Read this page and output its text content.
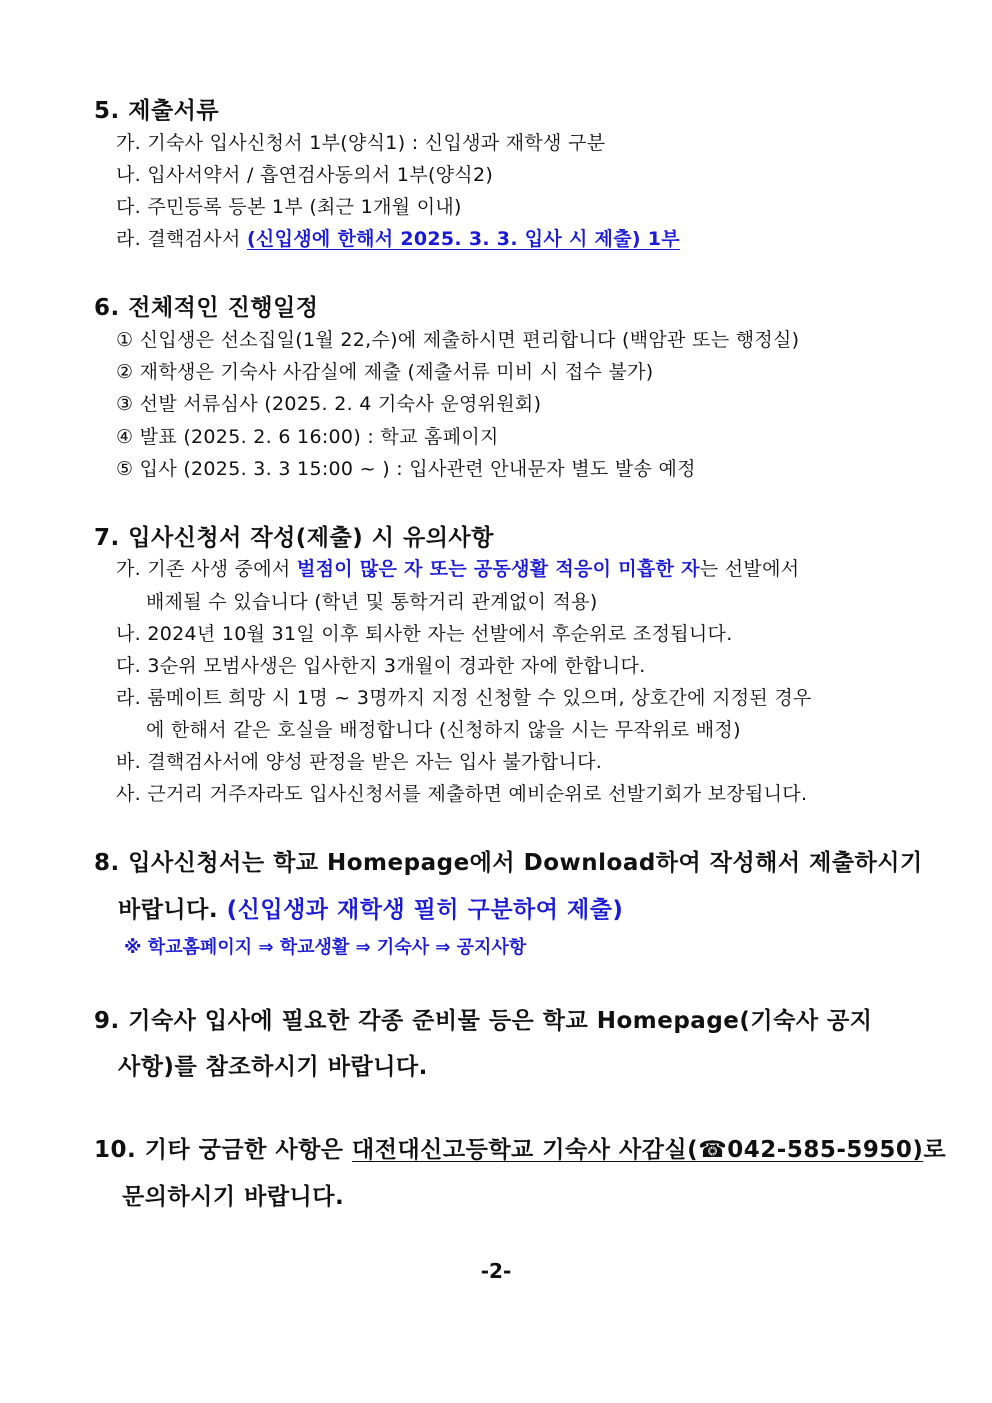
5. 제출서류
가. 기숙사 입사신청서 1부(양식1) : 신입생과 재학생 구분
나. 입사서약서 / 흡연검사동의서 1부(양식2)
다. 주민등록 등본 1부 (최근 1개월 이내)
라. 결핵검사서 (신입생에 한해서 2025. 3. 3. 입사 시 제출) 1부
6. 전체적인 진행일정
① 신입생은 선소집일(1월 22,수)에 제출하시면 편리합니다 (백암관 또는 행정실)
② 재학생은 기숙사 사감실에 제출 (제출서류 미비 시 접수 불가)
③ 선발 서류심사 (2025. 2. 4 기숙사 운영위원회)
④ 발표 (2025. 2. 6 16:00) : 학교 홈페이지
⑤ 입사 (2025. 3. 3 15:00 ~ ) : 입사관련 안내문자 별도 발송 예정
7. 입사신청서 작성(제출) 시 유의사항
가. 기존 사생 중에서 벌점이 많은 자 또는 공동생활 적응이 미흡한 자는 선발에서
배제될 수 있습니다 (학년 및 통학거리 관계없이 적용)
나. 2024년 10월 31일 이후 퇴사한 자는 선발에서 후순위로 조정됩니다.
다. 3순위 모범사생은 입사한지 3개월이 경과한 자에 한합니다.
라. 룸메이트 희망 시 1명 ~ 3명까지 지정 신청할 수 있으며, 상호간에 지정된 경우
에 한해서 같은 호실을 배정합니다 (신청하지 않을 시는 무작위로 배정)
바. 결핵검사서에 양성 판정을 받은 자는 입사 불가합니다.
사. 근거리 거주자라도 입사신청서를 제출하면 예비순위로 선발기회가 보장됩니다.
8. 입사신청서는 학교 Homepage에서 Download하여 작성해서 제출하시기
바랍니다. (신입생과 재학생 필히 구분하여 제출)
※ 학교홈페이지 ⇒ 학교생활 ⇒ 기숙사 ⇒ 공지사항
9. 기숙사 입사에 필요한 각종 준비물 등은 학교 Homepage(기숙사 공지
사항)를 참조하시기 바랍니다.
10. 기타 궁금한 사항은 대전대신고등학교 기숙사 사감실(☎042-585-5950)로
문의하시기 바랍니다.
-2-
